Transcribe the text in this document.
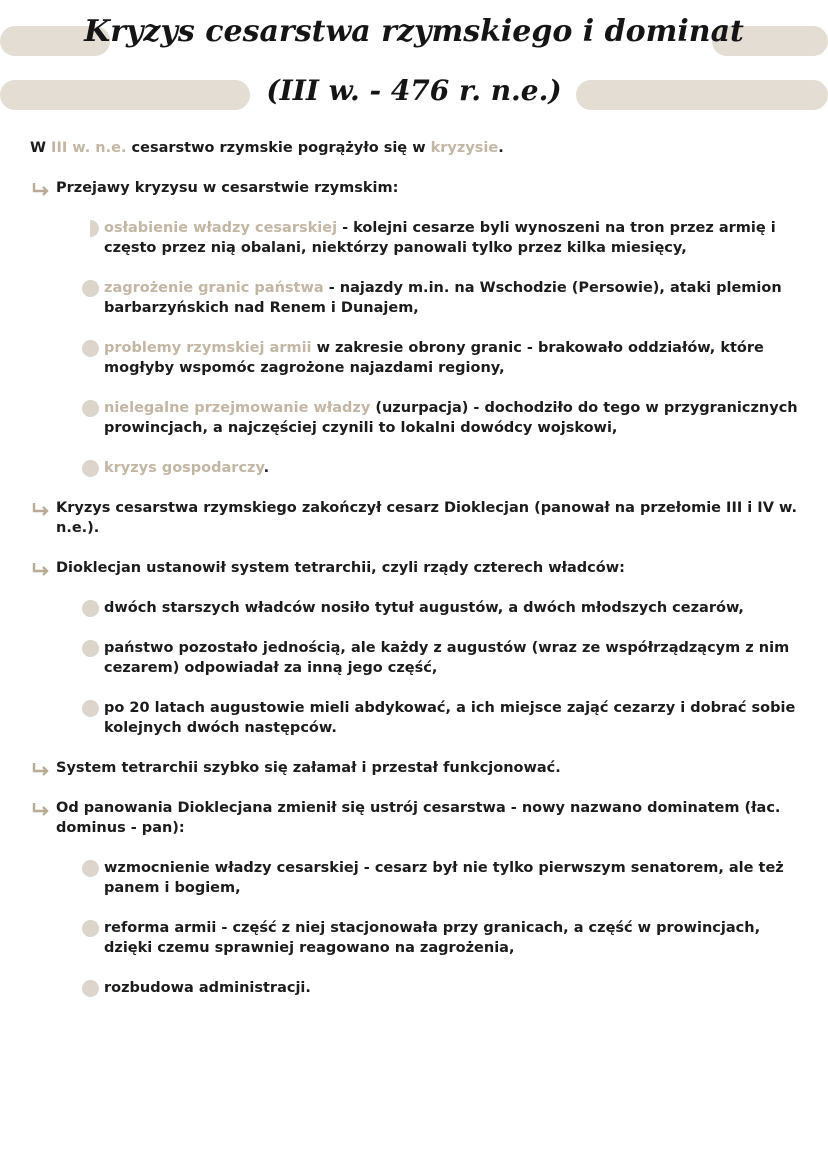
Kryzys cesarstwa rzymskiego i dominat
(III w. - 476 r. n.e.)

W III w. n.e. cesarstwo rzymskie pogrążyło się w kryzysie.

Przejawy kryzysu w cesarstwie rzymskim:
osłabienie władzy cesarskiej - kolejni cesarze byli wynoszeni na tron przez armię i często przez nią obalani, niektórzy panowali tylko przez kilka miesięcy,
zagrożenie granic państwa - najazdy m.in. na Wschodzie (Persowie), ataki plemion barbarzyńskich nad Renem i Dunajem,
problemy rzymskiej armii w zakresie obrony granic - brakowało oddziałów, które mogłyby wspomóc zagrożone najazdami regiony,
nielegalne przejmowanie władzy (uzurpacja) - dochodziło do tego w przygranicznych prowincjach, a najczęściej czynili to lokalni dowódcy wojskowi,
kryzys gospodarczy.
Kryzys cesarstwa rzymskiego zakończył cesarz Dioklecjan (panował na przełomie III i IV w. n.e.).
Dioklecjan ustanowił system tetrarchii, czyli rządy czterech władców:
dwóch starszych władców nosiło tytuł augustów, a dwóch młodszych cezarów,
państwo pozostało jednością, ale każdy z augustów (wraz ze współrządzącym z nim cezarem) odpowiadał za inną jego część,
po 20 latach augustowie mieli abdykować, a ich miejsce zająć cezarzy i dobrać sobie kolejnych dwóch następców.
System tetrarchii szybko się załamał i przestał funkcjonować.
Od panowania Dioklecjana zmienił się ustrój cesarstwa - nowy nazwano dominatem (łac. dominus - pan):
wzmocnienie władzy cesarskiej - cesarz był nie tylko pierwszym senatorem, ale też panem i bogiem,
reforma armii - część z niej stacjonowała przy granicach, a część w prowincjach, dzięki czemu sprawniej reagowano na zagrożenia,
rozbudowa administracji.
